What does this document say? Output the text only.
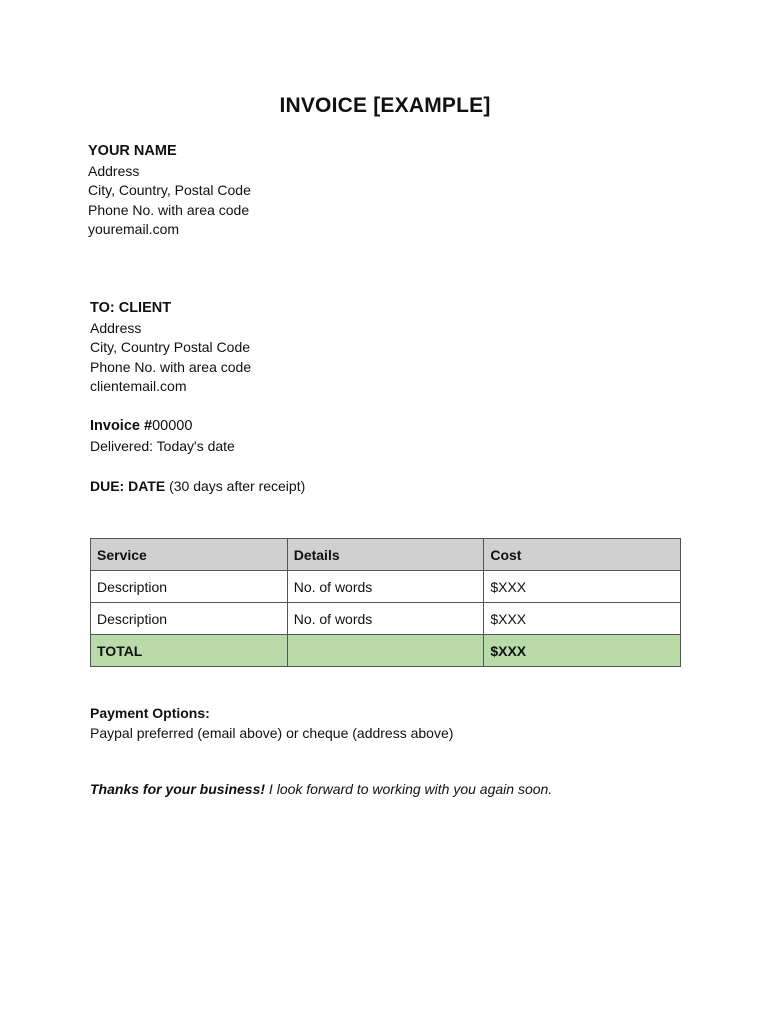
INVOICE [EXAMPLE]
YOUR NAME
Address
City, Country, Postal Code
Phone No. with area code
youremail.com
TO: CLIENT
Address
City, Country Postal Code
Phone No. with area code
clientemail.com
Invoice #00000
Delivered: Today's date
DUE: DATE (30 days after receipt)
Service	Details	Cost
Description	No. of words	$XXX
Description	No. of words	$XXX
TOTAL		$XXX
Payment Options:
Paypal preferred (email above) or cheque (address above)
Thanks for your business! I look forward to working with you again soon.
